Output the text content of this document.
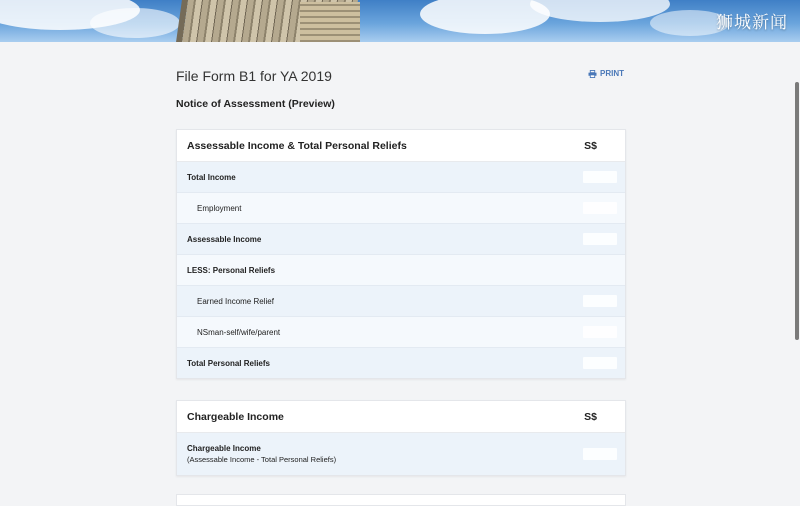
狮城新闻
File Form B1 for YA 2019	PRINT
Notice of Assessment (Preview)
Assessable Income & Total Personal Reliefs	S$
Total Income
Employment
Assessable Income
LESS: Personal Reliefs
Earned Income Relief
NSman-self/wife/parent
Total Personal Reliefs
Chargeable Income	S$
Chargeable Income
(Assessable Income - Total Personal Reliefs)
